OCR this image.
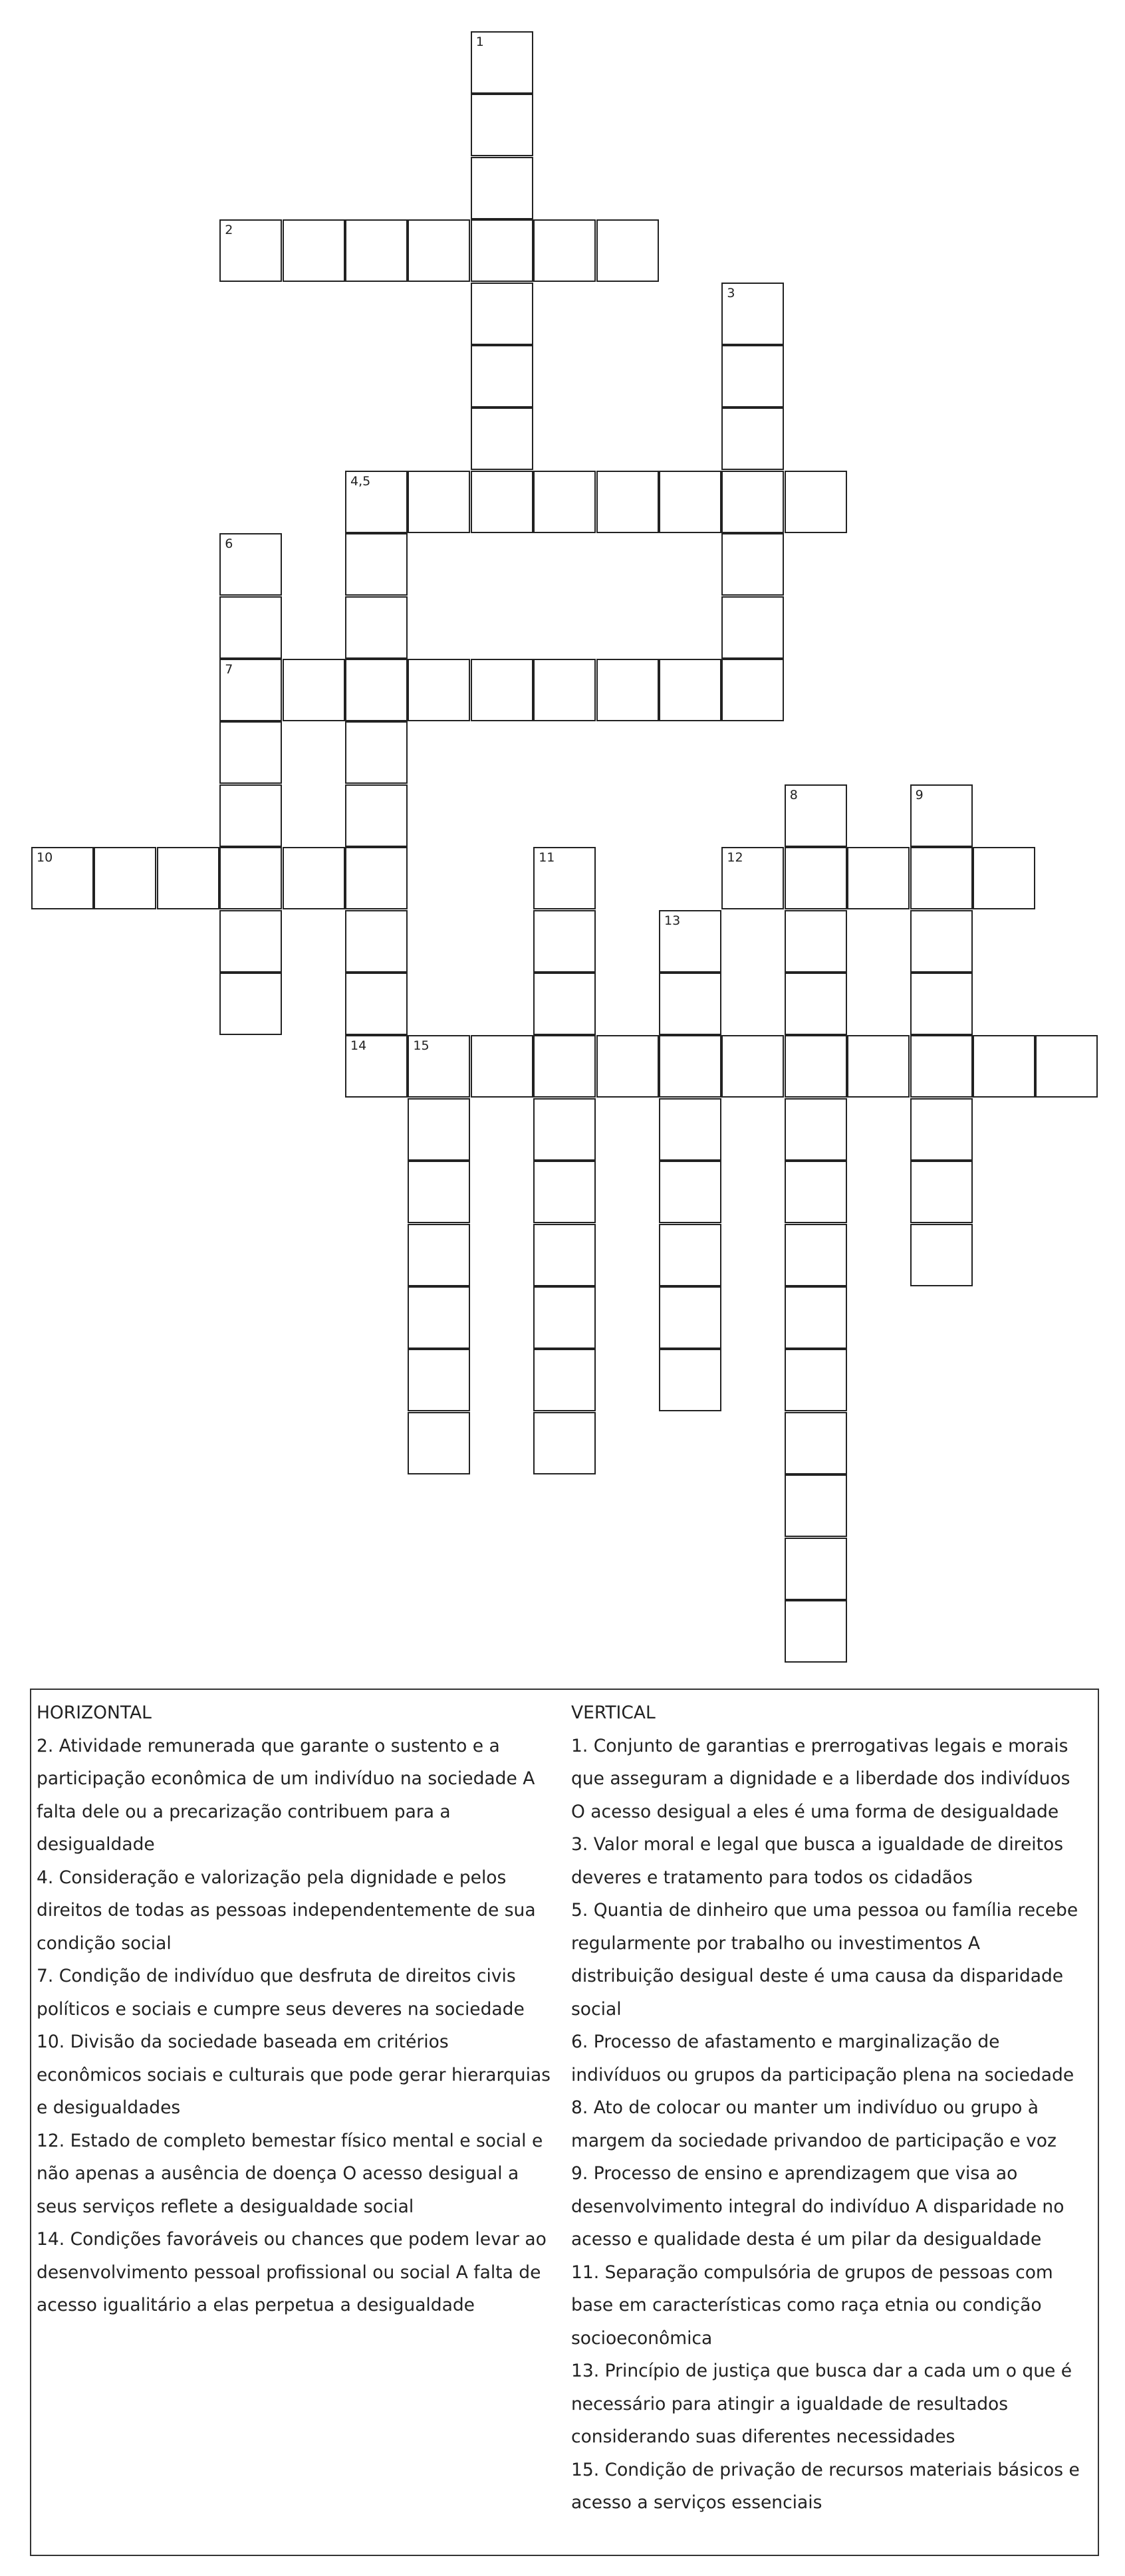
1
3
4,5
6
7
8	9
11
13
15
2
10	12
14

HORIZONTAL

2. Atividade remunerada que garante o sustento e a participação econômica de um indivíduo na sociedade A falta dele ou a precarização contribuem para a desigualdade

4. Consideração e valorização pela dignidade e pelos direitos de todas as pessoas independentemente de sua condição social

7. Condição de indivíduo que desfruta de direitos civis políticos e sociais e cumpre seus deveres na sociedade

10. Divisão da sociedade baseada em critérios econômicos sociais e culturais que pode gerar hierarquias e desigualdades

12. Estado de completo bemestar físico mental e social e não apenas a ausência de doença O acesso desigual a seus serviços reflete a desigualdade social

14. Condições favoráveis ou chances que podem levar ao desenvolvimento pessoal profissional ou social A falta de acesso igualitário a elas perpetua a desigualdade

VERTICAL

1. Conjunto de garantias e prerrogativas legais e morais que asseguram a dignidade e a liberdade dos indivíduos O acesso desigual a eles é uma forma de desigualdade

3. Valor moral e legal que busca a igualdade de direitos deveres e tratamento para todos os cidadãos

5. Quantia de dinheiro que uma pessoa ou família recebe regularmente por trabalho ou investimentos A distribuição desigual deste é uma causa da disparidade social

6. Processo de afastamento e marginalização de indivíduos ou grupos da participação plena na sociedade

8. Ato de colocar ou manter um indivíduo ou grupo à margem da sociedade privandoo de participação e voz

9. Processo de ensino e aprendizagem que visa ao desenvolvimento integral do indivíduo A disparidade no acesso e qualidade desta é um pilar da desigualdade

11. Separação compulsória de grupos de pessoas com base em características como raça etnia ou condição socioeconômica

13. Princípio de justiça que busca dar a cada um o que é necessário para atingir a igualdade de resultados considerando suas diferentes necessidades

15. Condição de privação de recursos materiais básicos e acesso a serviços essenciais
